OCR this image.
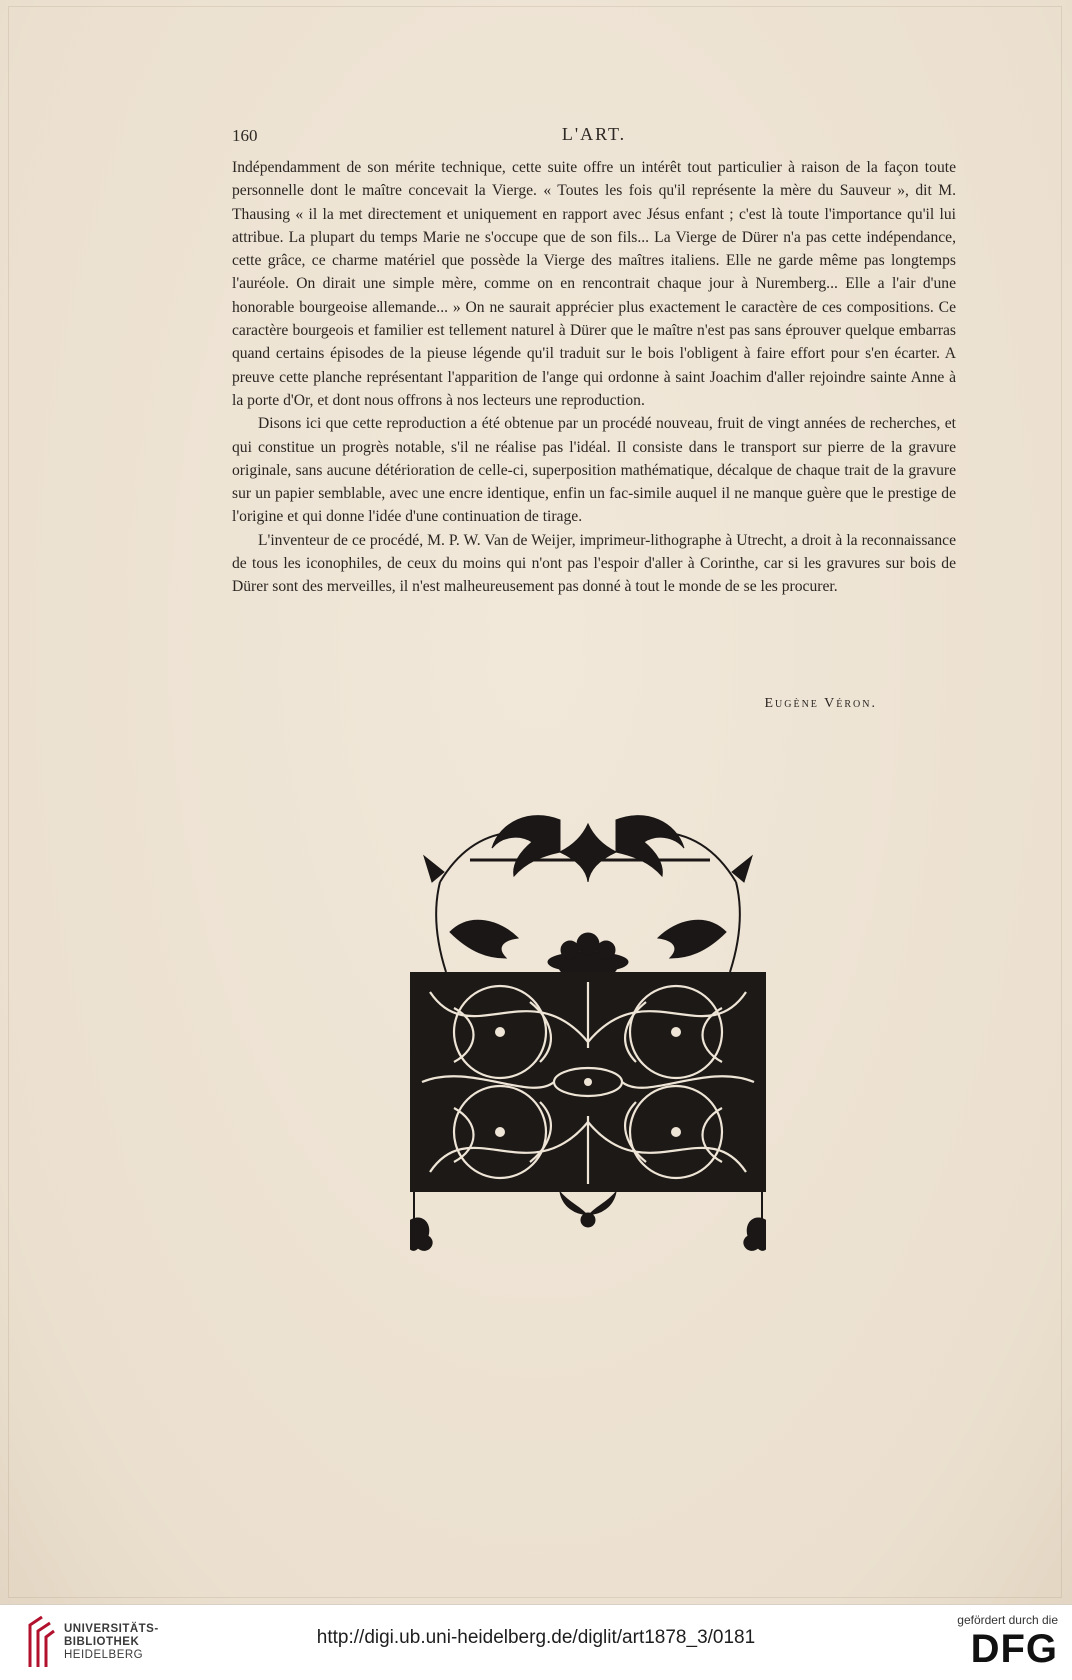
160	L'ART.

Indépendamment de son mérite technique, cette suite offre un intérêt tout particulier à raison de la façon toute personnelle dont le maître concevait la Vierge. « Toutes les fois qu'il représente la mère du Sauveur », dit M. Thausing « il la met directement et uniquement en rapport avec Jésus enfant ; c'est là toute l'importance qu'il lui attribue. La plupart du temps Marie ne s'occupe que de son fils... La Vierge de Dürer n'a pas cette indépendance, cette grâce, ce charme matériel que possède la Vierge des maîtres italiens. Elle ne garde même pas longtemps l'auréole. On dirait une simple mère, comme on en rencontrait chaque jour à Nuremberg... Elle a l'air d'une honorable bourgeoise allemande... » On ne saurait apprécier plus exactement le caractère de ces compositions. Ce caractère bourgeois et familier est tellement naturel à Dürer que le maître n'est pas sans éprouver quelque embarras quand certains épisodes de la pieuse légende qu'il traduit sur le bois l'obligent à faire effort pour s'en écarter. A preuve cette planche représentant l'apparition de l'ange qui ordonne à saint Joachim d'aller rejoindre sainte Anne à la porte d'Or, et dont nous offrons à nos lecteurs une reproduction.

Disons ici que cette reproduction a été obtenue par un procédé nouveau, fruit de vingt années de recherches, et qui constitue un progrès notable, s'il ne réalise pas l'idéal. Il consiste dans le transport sur pierre de la gravure originale, sans aucune détérioration de celle-ci, superposition mathématique, décalque de chaque trait de la gravure sur un papier semblable, avec une encre identique, enfin un fac-simile auquel il ne manque guère que le prestige de l'origine et qui donne l'idée d'une continuation de tirage.

L'inventeur de ce procédé, M. P. W. Van de Weijer, imprimeur-lithographe à Utrecht, a droit à la reconnaissance de tous les iconophiles, de ceux du moins qui n'ont pas l'espoir d'aller à Corinthe, car si les gravures sur bois de Dürer sont des merveilles, il n'est malheureusement pas donné à tout le monde de se les procurer.

Eugène Véron.
UNIVERSITÄTS-
BIBLIOTHEK
HEIDELBERG
http://digi.ub.uni-heidelberg.de/diglit/art1878_3/0181
gefördert durch die
DFG
